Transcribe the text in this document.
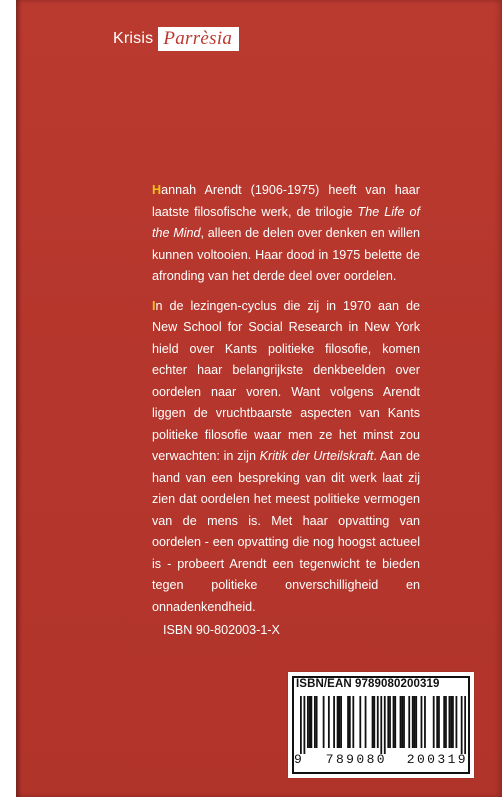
Krisis Parrèsia

Hannah Arendt (1906-1975) heeft van haar laatste filosofische werk, de trilogie The Life of the Mind, alleen de delen over denken en willen kunnen voltooien. Haar dood in 1975 belette de afronding van het derde deel over oordelen.

In de lezingen-cyclus die zij in 1970 aan de New School for Social Research in New York hield over Kants politieke filosofie, komen echter haar belangrijkste denkbeelden over oordelen naar voren. Want volgens Arendt liggen de vruchtbaarste aspecten van Kants politieke filosofie waar men ze het minst zou verwachten: in zijn Kritik der Urteilskraft. Aan de hand van een bespreking van dit werk laat zij zien dat oordelen het meest politieke vermogen van de mens is. Met haar opvatting van oordelen - een opvatting die nog hoogst actueel is - probeert Arendt een tegenwicht te bieden tegen politieke onverschilligheid en onnadenkendheid.

ISBN 90-802003-1-X

ISBN/EAN 9789080200319
9	789080 200319
